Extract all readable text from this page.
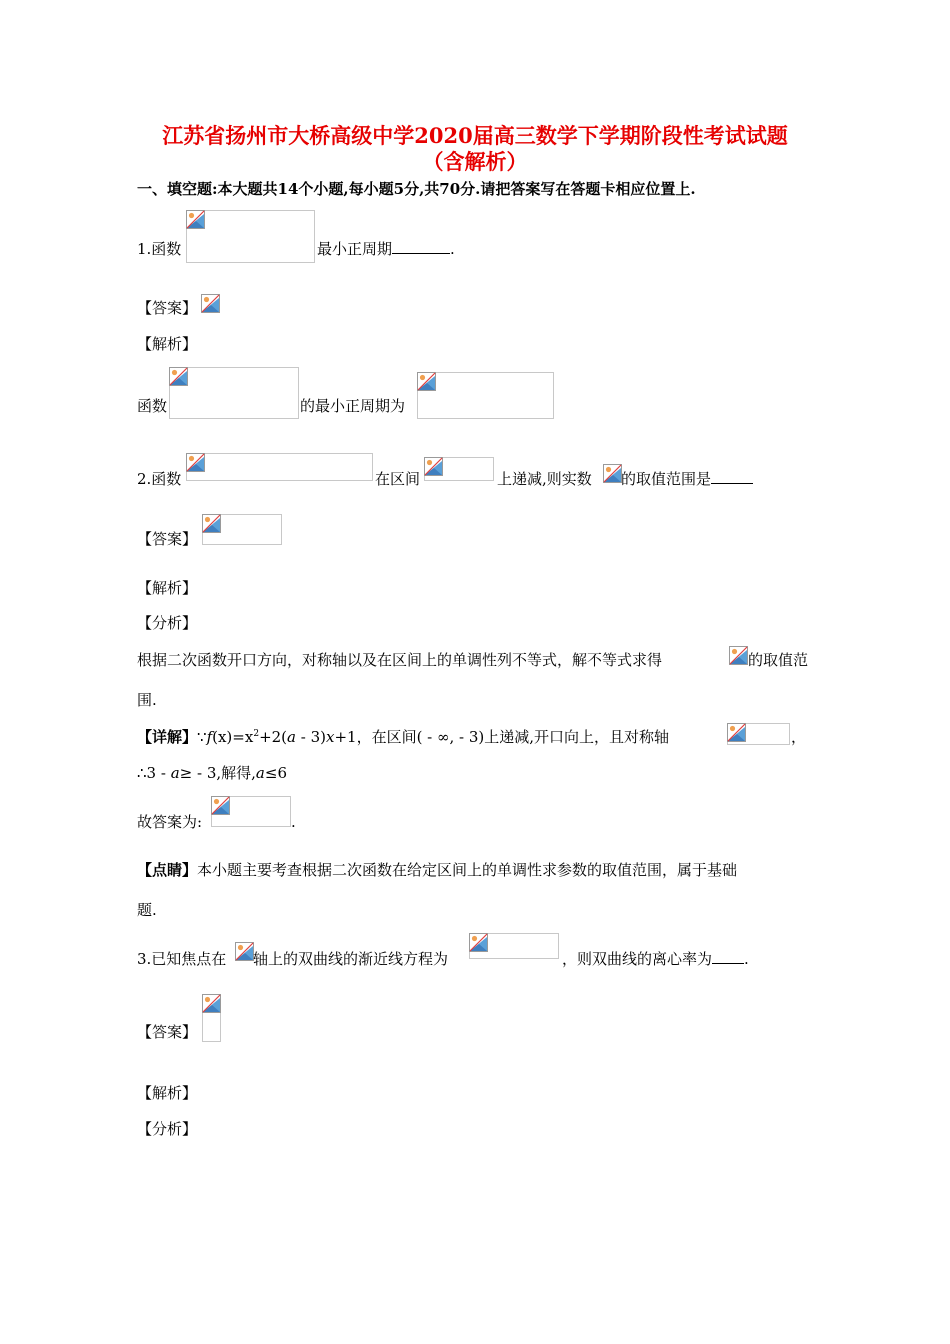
江苏省扬州市大桥高级中学2020届高三数学下学期阶段性考试试题
（含解析）
一、填空题:本大题共14个小题,每小题5分,共70分.请把答案写在答题卡相应位置上.
1.函数	最小正周期	.
【答案】
【解析】
函数	的最小正周期为
2.函数	在区间	上递减,则实数 的取值范围是
【答案】
【解析】
【分析】
根据二次函数开口方向，对称轴以及在区间上的单调性列不等式，解不等式求得	的取值范
围.
【详解】$\because f(x)=x^2+2(a - 3)x+1$，在区间( - ∞, - 3)上递减,开口向上，且对称轴	，
∴3 - a≥ - 3,解得,a≤6
故答案为:	.
【点睛】本小题主要考查根据二次函数在给定区间上的单调性求参数的取值范围，属于基础
题.
3.已知焦点在 轴上的双曲线的渐近线方程为	，则双曲线的离心率为 .
【答案】
【解析】
【分析】
